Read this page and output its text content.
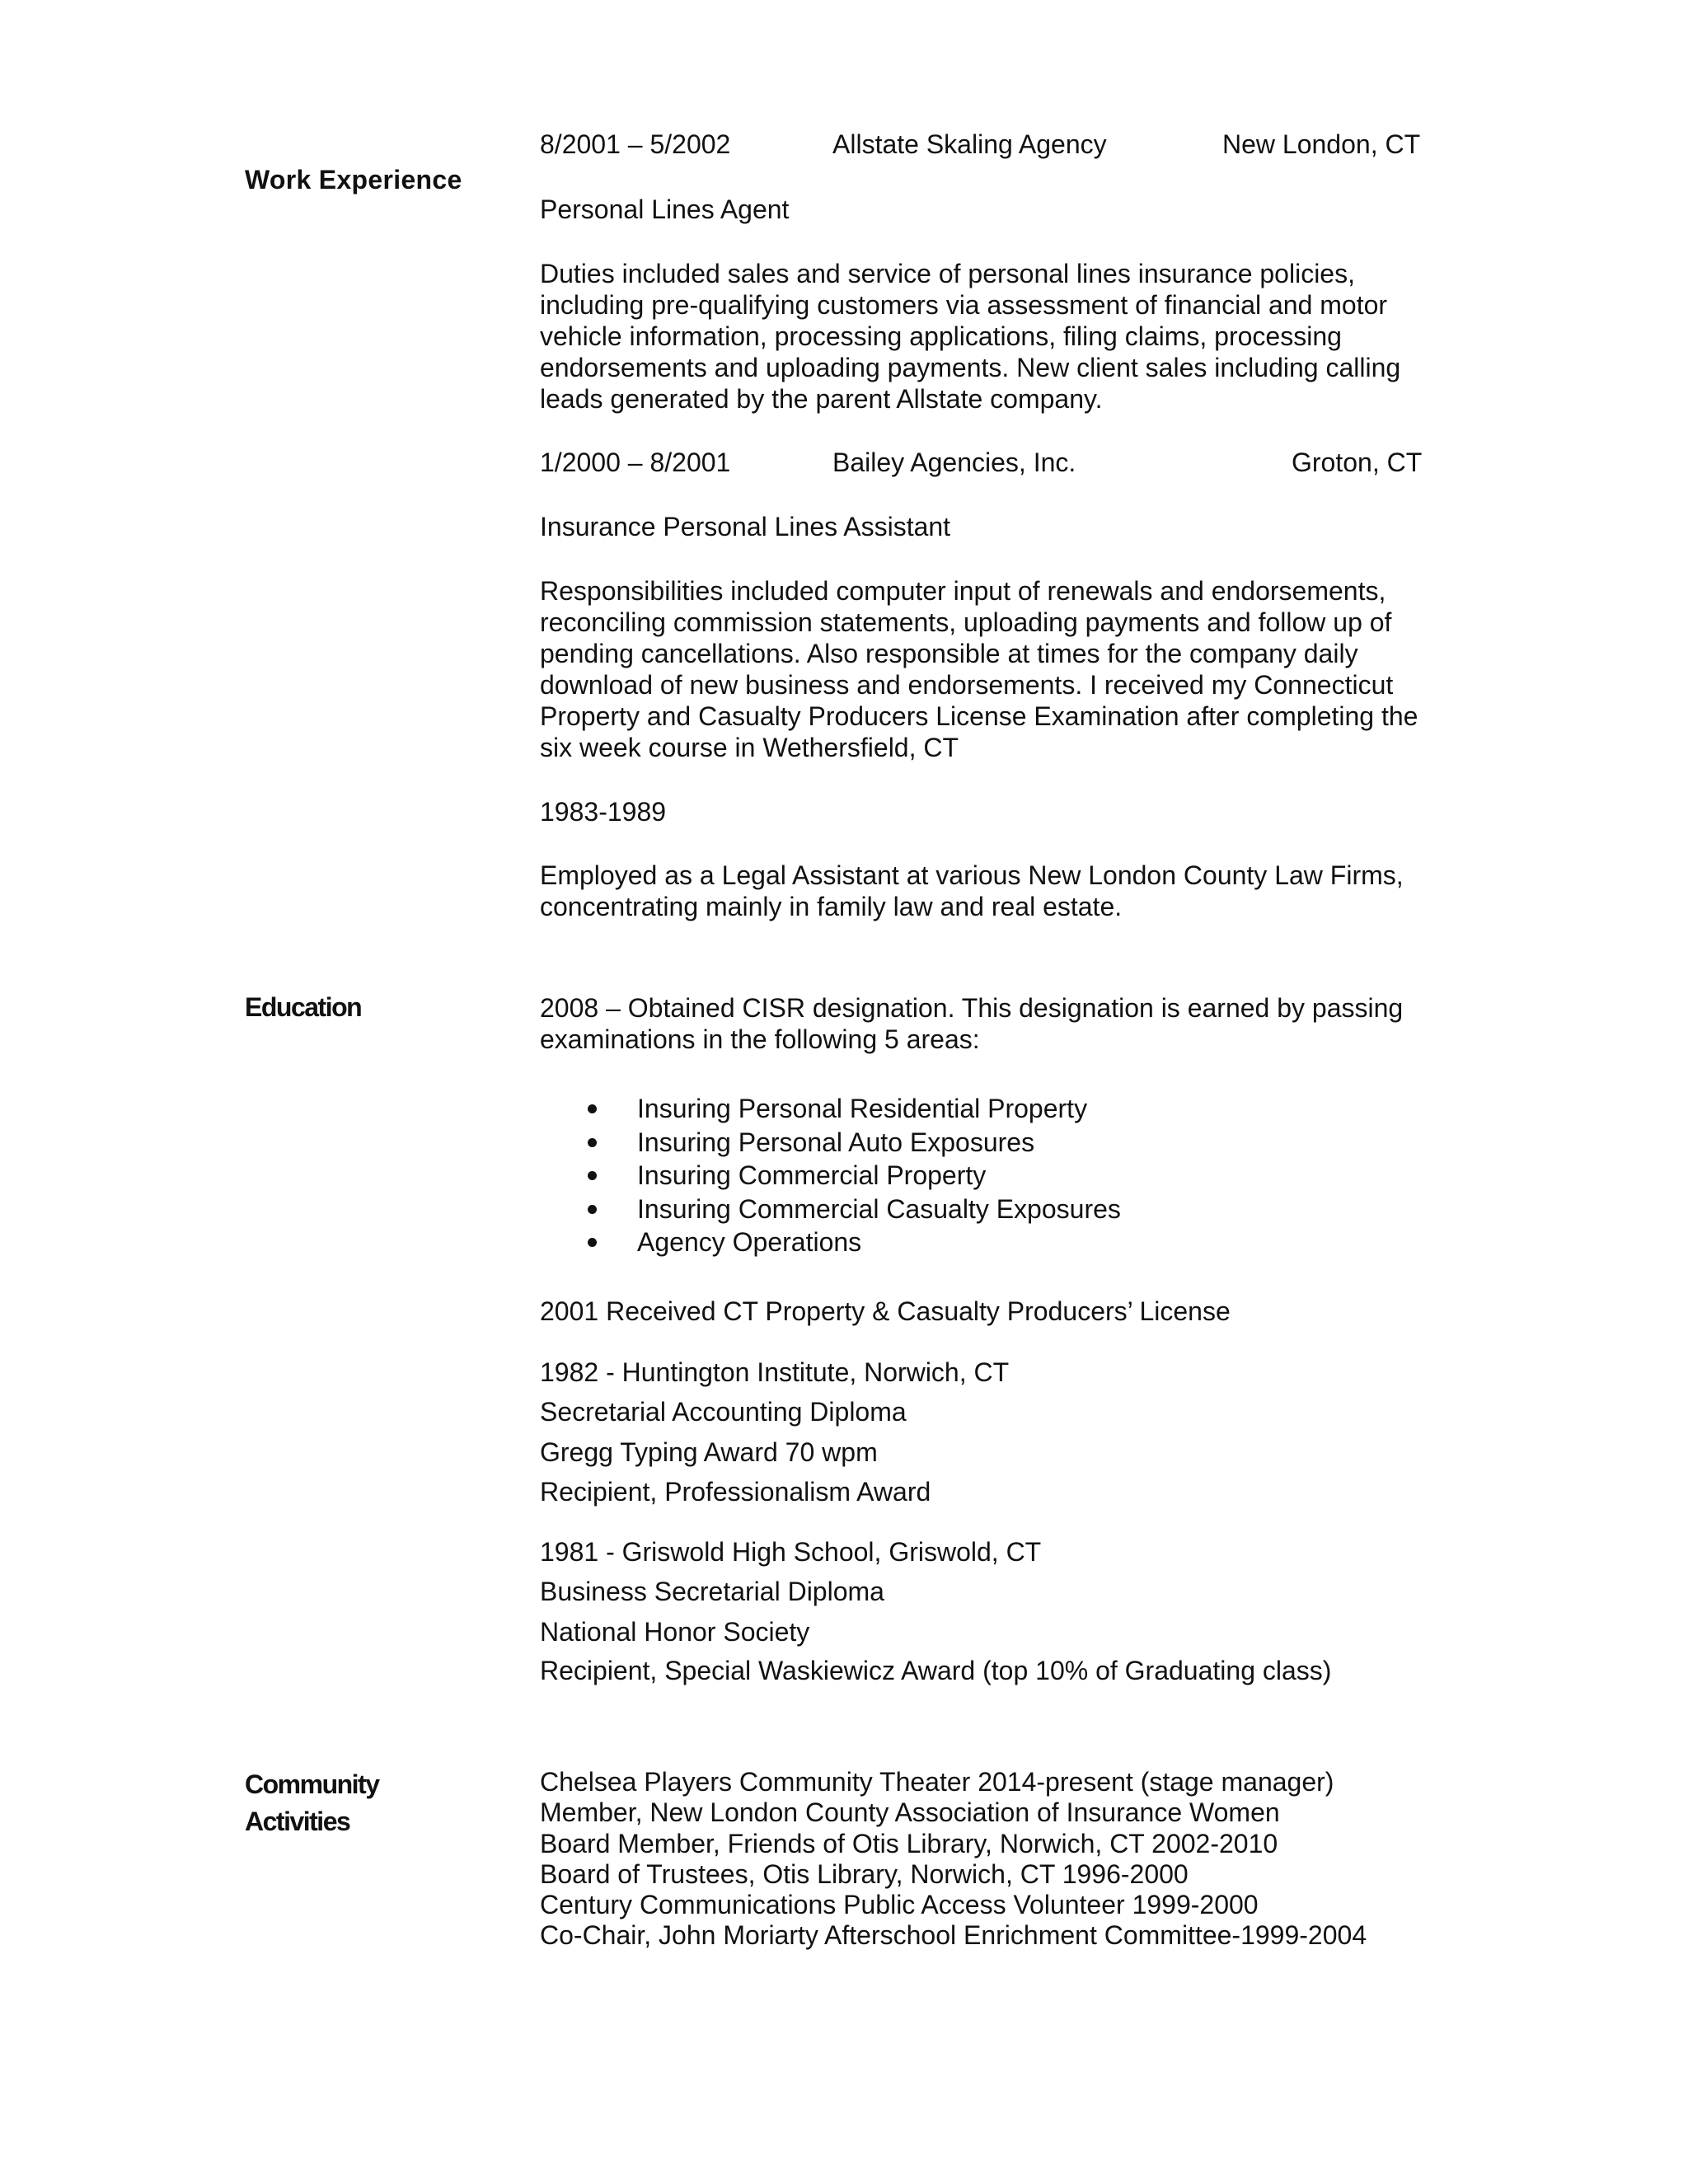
Work Experience
Education
Community
Activities
8/2001 – 5/2002	Allstate Skaling Agency	New London, CT
Personal Lines Agent
Duties included sales and service of personal lines insurance policies, including pre-qualifying customers via assessment of financial and motor vehicle information, processing applications, filing claims, processing endorsements and uploading payments. New client sales including calling leads generated by the parent Allstate company.
1/2000 – 8/2001	Bailey Agencies, Inc.	Groton, CT
Insurance Personal Lines Assistant
Responsibilities included computer input of renewals and endorsements, reconciling commission statements, uploading payments and follow up of pending cancellations. Also responsible at times for the company daily download of new business and endorsements. I received my Connecticut Property and Casualty Producers License Examination after completing the six week course in Wethersfield, CT
1983-1989
Employed as a Legal Assistant at various New London County Law Firms, concentrating mainly in family law and real estate.
2008 – Obtained CISR designation. This designation is earned by passing examinations in the following 5 areas:
Insuring Personal Residential Property
Insuring Personal Auto Exposures
Insuring Commercial Property
Insuring Commercial Casualty Exposures
Agency Operations
2001 Received CT Property & Casualty Producers’ License
1982 - Huntington Institute, Norwich, CT
Secretarial Accounting Diploma
Gregg Typing Award 70 wpm
Recipient, Professionalism Award
1981 - Griswold High School, Griswold, CT
Business Secretarial Diploma
National Honor Society
Recipient, Special Waskiewicz Award (top 10% of Graduating class)
Chelsea Players Community Theater 2014-present (stage manager)
Member, New London County Association of Insurance Women
Board Member, Friends of Otis Library, Norwich, CT 2002-2010
Board of Trustees, Otis Library, Norwich, CT 1996-2000
Century Communications Public Access Volunteer 1999-2000
Co-Chair, John Moriarty Afterschool Enrichment Committee-1999-2004
